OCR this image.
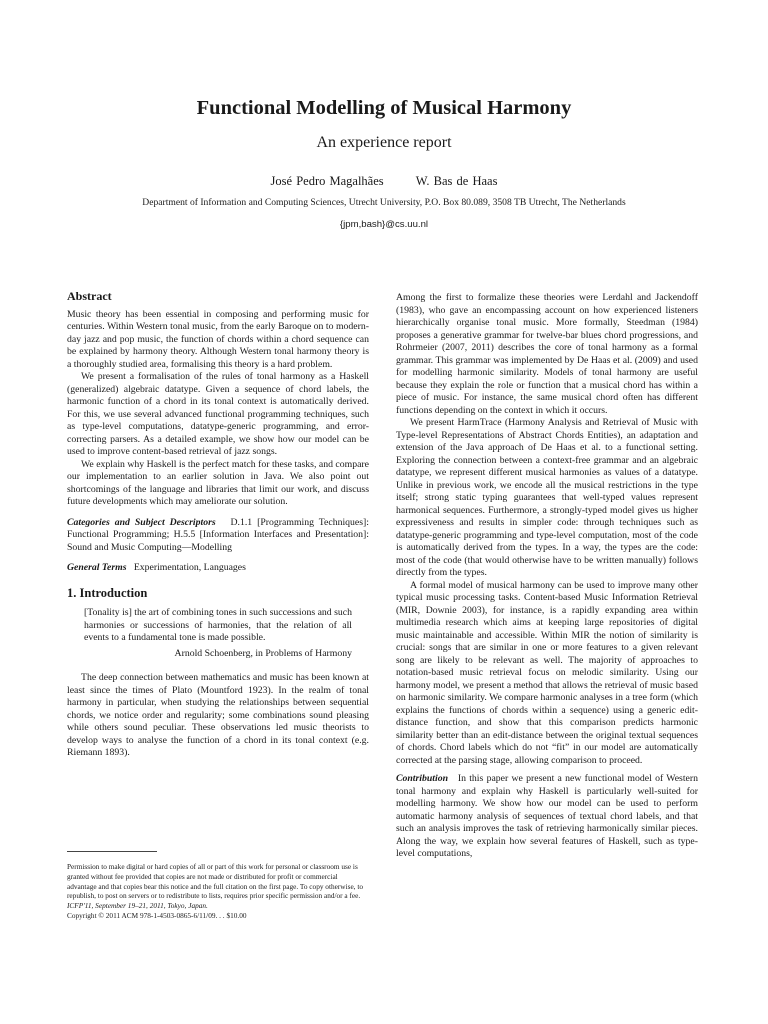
Functional Modelling of Musical Harmony
An experience report
José Pedro Magalhães	W. Bas de Haas
Department of Information and Computing Sciences, Utrecht University, P.O. Box 80.089, 3508 TB Utrecht, The Netherlands
{jpm,bash}@cs.uu.nl
Abstract

Music theory has been essential in composing and performing music for centuries. Within Western tonal music, from the early Baroque on to modern-day jazz and pop music, the function of chords within a chord sequence can be explained by harmony theory. Although Western tonal harmony theory is a thoroughly studied area, formalising this theory is a hard problem.

We present a formalisation of the rules of tonal harmony as a Haskell (generalized) algebraic datatype. Given a sequence of chord labels, the harmonic function of a chord in its tonal context is automatically derived. For this, we use several advanced functional programming techniques, such as type-level computations, datatype-generic programming, and error-correcting parsers. As a detailed example, we show how our model can be used to improve content-based retrieval of jazz songs.

We explain why Haskell is the perfect match for these tasks, and compare our implementation to an earlier solution in Java. We also point out shortcomings of the language and libraries that limit our work, and discuss future developments which may ameliorate our solution.

Categories and Subject Descriptors D.1.1 [Programming Techniques]: Functional Programming; H.5.5 [Information Interfaces and Presentation]: Sound and Music Computing—Modelling

General Terms Experimentation, Languages

1. Introduction

[Tonality is] the art of combining tones in such successions and such harmonies or successions of harmonies, that the relation of all events to a fundamental tone is made possible.

Arnold Schoenberg, in Problems of Harmony

The deep connection between mathematics and music has been known at least since the times of Plato (Mountford 1923). In the realm of tonal harmony in particular, when studying the relationships between sequential chords, we notice order and regularity; some combinations sound pleasing while others sound peculiar. These observations led music theorists to develop ways to analyse the function of a chord in its tonal context (e.g. Riemann 1893).

Permission to make digital or hard copies of all or part of this work for personal or classroom use is granted without fee provided that copies are not made or distributed for profit or commercial advantage and that copies bear this notice and the full citation on the first page. To copy otherwise, to republish, to post on servers or to redistribute to lists, requires prior specific permission and/or a fee.

ICFP'11, September 19–21, 2011, Tokyo, Japan.

Copyright © 2011 ACM 978-1-4503-0865-6/11/09. . . $10.00

Among the first to formalize these theories were Lerdahl and Jackendoff (1983), who gave an encompassing account on how experienced listeners hierarchically organise tonal music. More formally, Steedman (1984) proposes a generative grammar for twelve-bar blues chord progressions, and Rohrmeier (2007, 2011) describes the core of tonal harmony as a formal grammar. This grammar was implemented by De Haas et al. (2009) and used for modelling harmonic similarity. Models of tonal harmony are useful because they explain the role or function that a musical chord has within a piece of music. For instance, the same musical chord often has different functions depending on the context in which it occurs.

We present HarmTrace (Harmony Analysis and Retrieval of Music with Type-level Representations of Abstract Chords Entities), an adaptation and extension of the Java approach of De Haas et al. to a functional setting. Exploring the connection between a context-free grammar and an algebraic datatype, we represent different musical harmonies as values of a datatype. Unlike in previous work, we encode all the musical restrictions in the type itself; strong static typing guarantees that well-typed values represent harmonical sequences. Furthermore, a strongly-typed model gives us higher expressiveness and results in simpler code: through techniques such as datatype-generic programming and type-level computation, most of the code is automatically derived from the types. In a way, the types are the code: most of the code (that would otherwise have to be written manually) follows directly from the types.

A formal model of musical harmony can be used to improve many other typical music processing tasks. Content-based Music Information Retrieval (MIR, Downie 2003), for instance, is a rapidly expanding area within multimedia research which aims at keeping large repositories of digital music maintainable and accessible. Within MIR the notion of similarity is crucial: songs that are similar in one or more features to a given relevant song are likely to be relevant as well. The majority of approaches to notation-based music retrieval focus on melodic similarity. Using our harmony model, we present a method that allows the retrieval of music based on harmonic similarity. We compare harmonic analyses in a tree form (which explains the functions of chords within a sequence) using a generic edit-distance function, and show that this comparison predicts harmonic similarity better than an edit-distance between the original textual sequences of chords. Chord labels which do not “fit” in our model are automatically corrected at the parsing stage, allowing comparison to proceed.

Contribution In this paper we present a new functional model of Western tonal harmony and explain why Haskell is particularly well-suited for modelling harmony. We show how our model can be used to perform automatic harmony analysis of sequences of textual chord labels, and that such an analysis improves the task of retrieving harmonically similar pieces. Along the way, we explain how several features of Haskell, such as type-level computations,
